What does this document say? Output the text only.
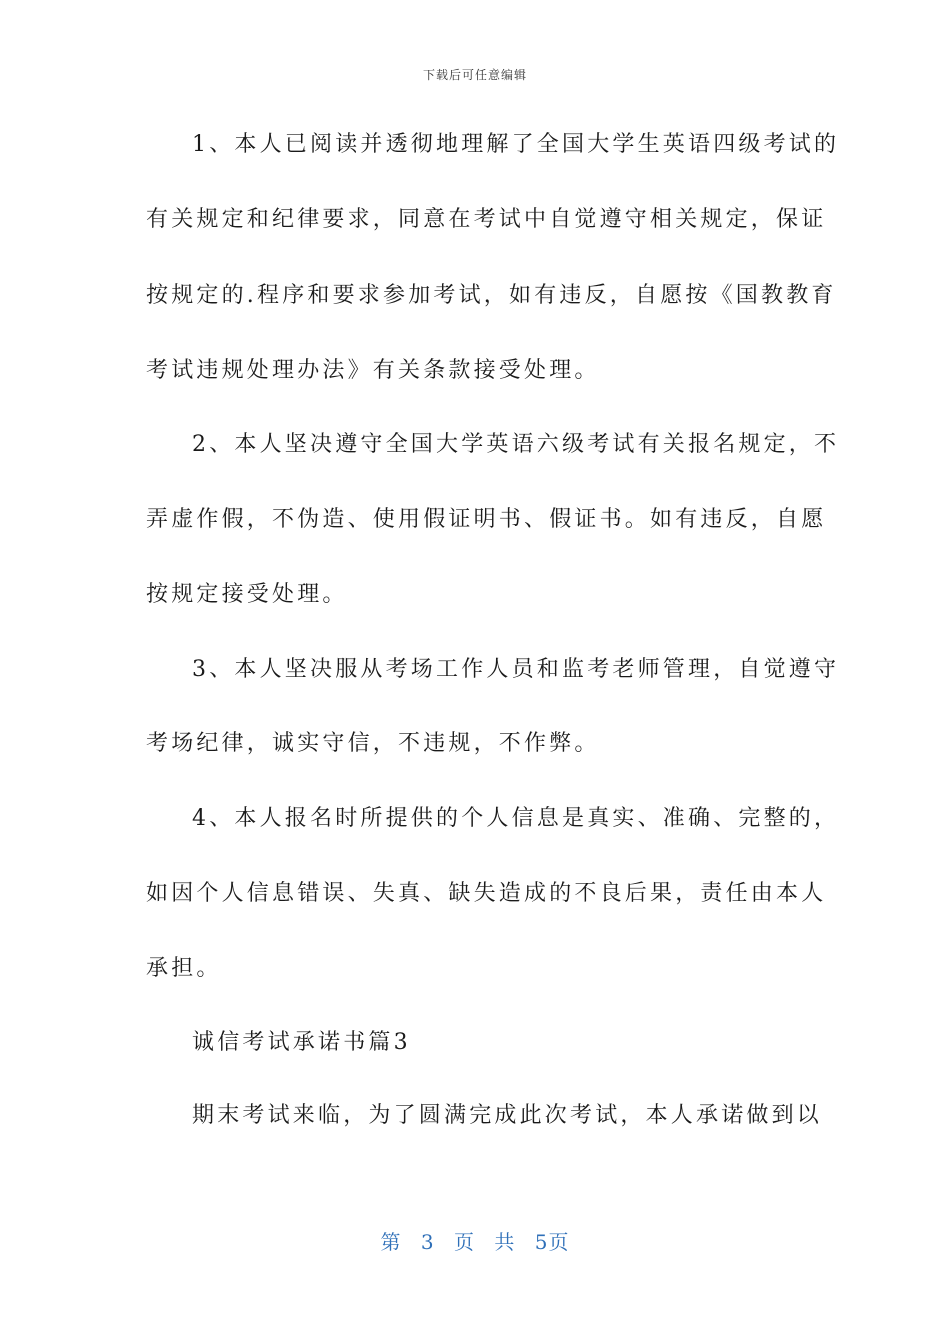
下载后可任意编辑
1、本人已阅读并透彻地理解了全国大学生英语四级考试的
有关规定和纪律要求，同意在考试中自觉遵守相关规定，保证
按规定的.程序和要求参加考试，如有违反，自愿按《国教教育
考试违规处理办法》有关条款接受处理。
2、本人坚决遵守全国大学英语六级考试有关报名规定，不
弄虚作假，不伪造、使用假证明书、假证书。如有违反，自愿
按规定接受处理。
3、本人坚决服从考场工作人员和监考老师管理，自觉遵守
考场纪律，诚实守信，不违规，不作弊。
4、本人报名时所提供的个人信息是真实、准确、完整的，
如因个人信息错误、失真、缺失造成的不良后果，责任由本人
承担。
诚信考试承诺书篇3
期末考试来临，为了圆满完成此次考试，本人承诺做到以
第 3 页 共 5页
